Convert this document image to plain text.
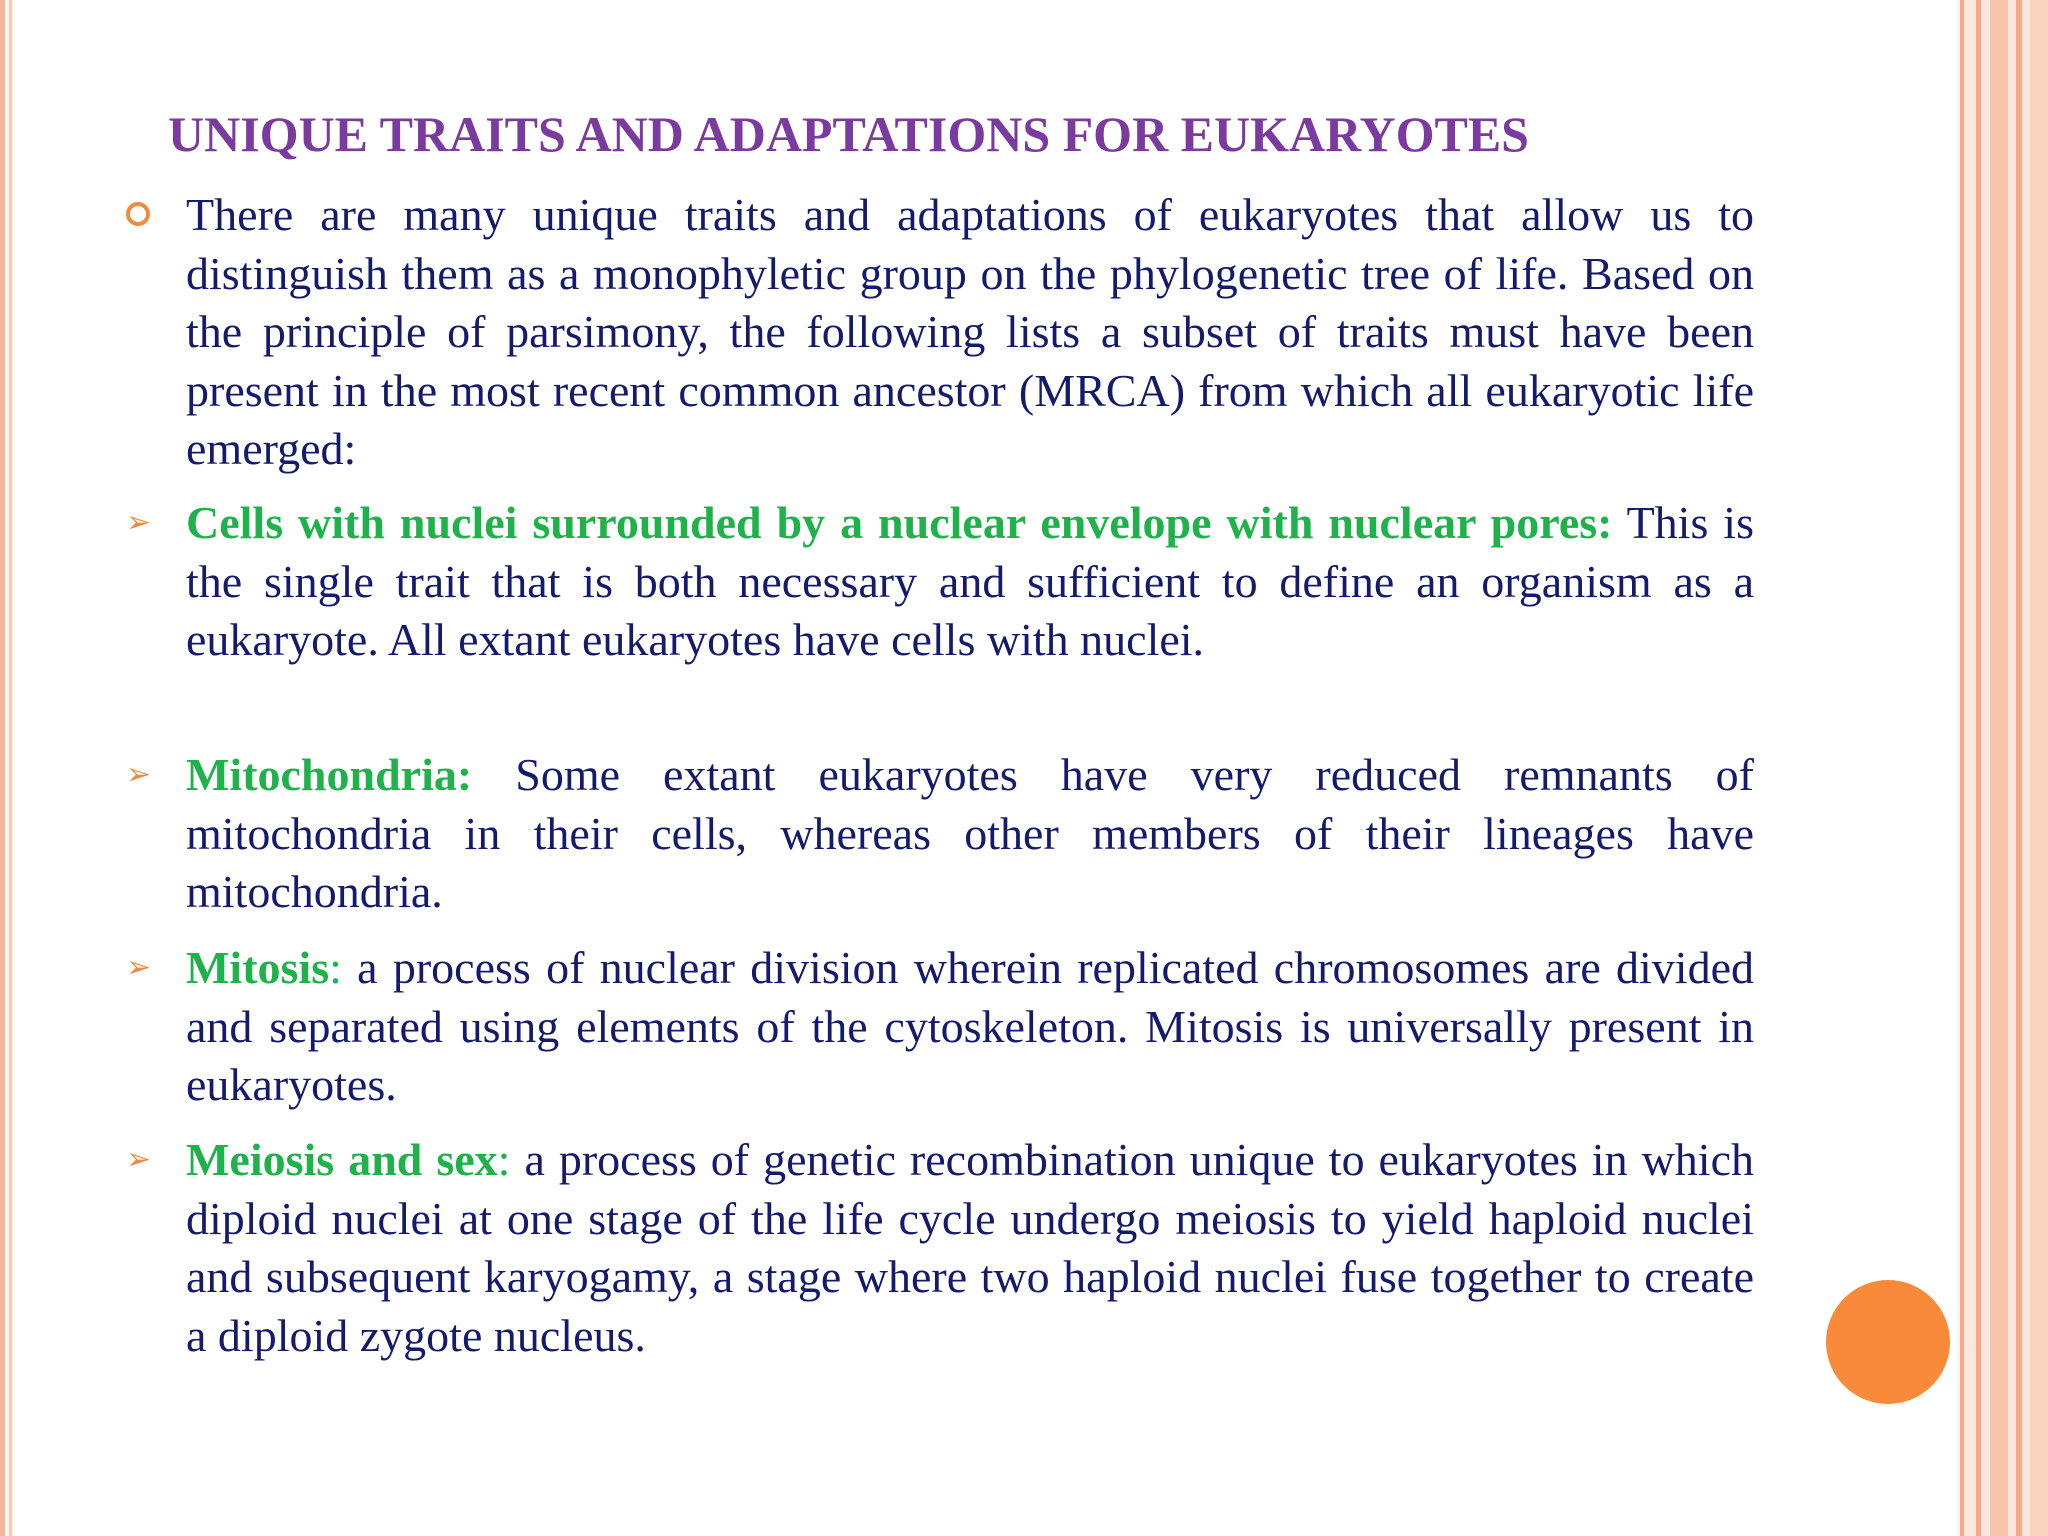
UNIQUE TRAITS AND ADAPTATIONS FOR EUKARYOTES
There are many unique traits and adaptations of eukaryotes that allow us to distinguish them as a monophyletic group on the phylogenetic tree of life. Based on the principle of parsimony, the following lists a subset of traits must have been present in the most recent common ancestor (MRCA) from which all eukaryotic life emerged:
➢ Cells with nuclei surrounded by a nuclear envelope with nuclear pores: This is the single trait that is both necessary and sufficient to define an organism as a eukaryote. All extant eukaryotes have cells with nuclei.
➢ Mitochondria: Some extant eukaryotes have very reduced remnants of mitochondria in their cells, whereas other members of their lineages have mitochondria.
➢ Mitosis: a process of nuclear division wherein replicated chromosomes are divided and separated using elements of the cytoskeleton. Mitosis is universally present in eukaryotes.
➢ Meiosis and sex: a process of genetic recombination unique to eukaryotes in which diploid nuclei at one stage of the life cycle undergo meiosis to yield haploid nuclei and subsequent karyogamy, a stage where two haploid nuclei fuse together to create a diploid zygote nucleus.
